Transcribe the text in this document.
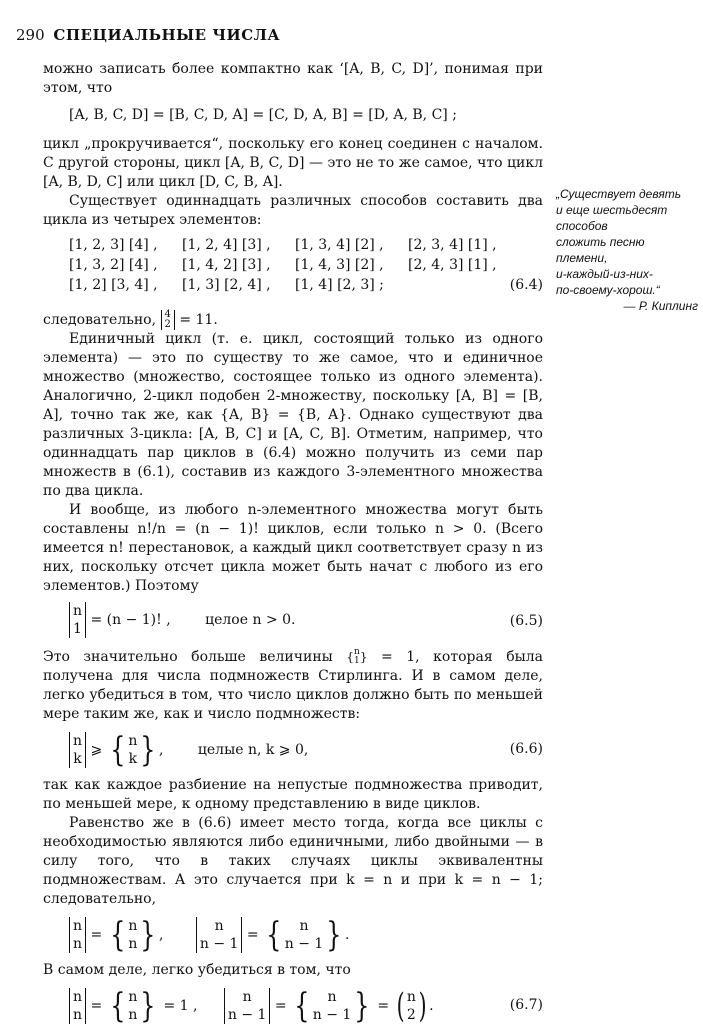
290 СПЕЦИАЛЬНЫЕ ЧИСЛА

можно записать более компактно как ‘[A, B, C, D]’, понимая при этом, что

[A, B, C, D] = [B, C, D, A] = [C, D, A, B] = [D, A, B, C] ;

цикл „прокручивается“, поскольку его конец соединен с началом. С другой стороны, цикл [A, B, C, D] — это не то же самое, что цикл [A, B, D, C] или цикл [D, C, B, A].

Существует одиннадцать различных способов составить два цикла из четырех элементов:

[1, 2, 3] [4] , [1, 2, 4] [3] , [1, 3, 4] [2] , [2, 3, 4] [1] ,
[1, 3, 2] [4] , [1, 4, 2] [3] , [1, 4, 3] [2] , [2, 4, 3] [1] ,
[1, 2] [3, 4] , [1, 3] [2, 4] , [1, 4] [2, 3] ;	(6.4)

следовательно, 4
2 = 11.

Единичный цикл (т. е. цикл, состоящий только из одного элемента) — это по существу то же самое, что и единичное множество (множество, состоящее только из одного элемента). Аналогично, 2-цикл подобен 2-множеству, поскольку [A, B] = [B, A], точно так же, как {A, B} = {B, A}. Однако существуют два различных 3-цикла: [A, B, C] и [A, C, B]. Отметим, например, что одиннадцать пар циклов в (6.4) можно получить из семи пар множеств в (6.1), составив из каждого 3-элементного множества по два цикла.

И вообще, из любого n-элементного множества могут быть составлены n!/n = (n − 1)! циклов, если только n > 0. (Всего имеется n! перестановок, а каждый цикл соответствует сразу n из них, поскольку отсчет цикла может быть начат с любого из его элементов.) Поэтому

n
1
= (n − 1)! , целое n > 0.	(6.5)

Это значительно больше величины { n
1 } = 1, которая была получена для числа подмножеств Стирлинга. И в самом деле, легко убедиться в том, что число циклов должно быть по меньшей мере таким же, как и число подмножеств:

n
k
⩾ { n
k } , целые n, k ⩾ 0,	(6.6)

так как каждое разбиение на непустые подмножества приводит, по меньшей мере, к одному представлению в виде циклов.

Равенство же в (6.6) имеет место тогда, когда все циклы с необходимостью являются либо единичными, либо двойными — в силу того, что в таких случаях циклы эквивалентны подмножествам. А это случается при k = n и при k = n − 1; следовательно,

n
n
= { n
n } ,
n
n − 1
= {	n
n − 1 } .

В самом деле, легко убедиться в том, что

n
n
= { n
n } = 1 ,
n
n − 1
= {	n
n − 1 } = ( n
2 ) .	(6.7)
„Существует девять
и еще шестьдесят
способов
сложить песню
племени,
и-каждый-из-них-
по-своему-хорош.“
— Р. Киплинг
